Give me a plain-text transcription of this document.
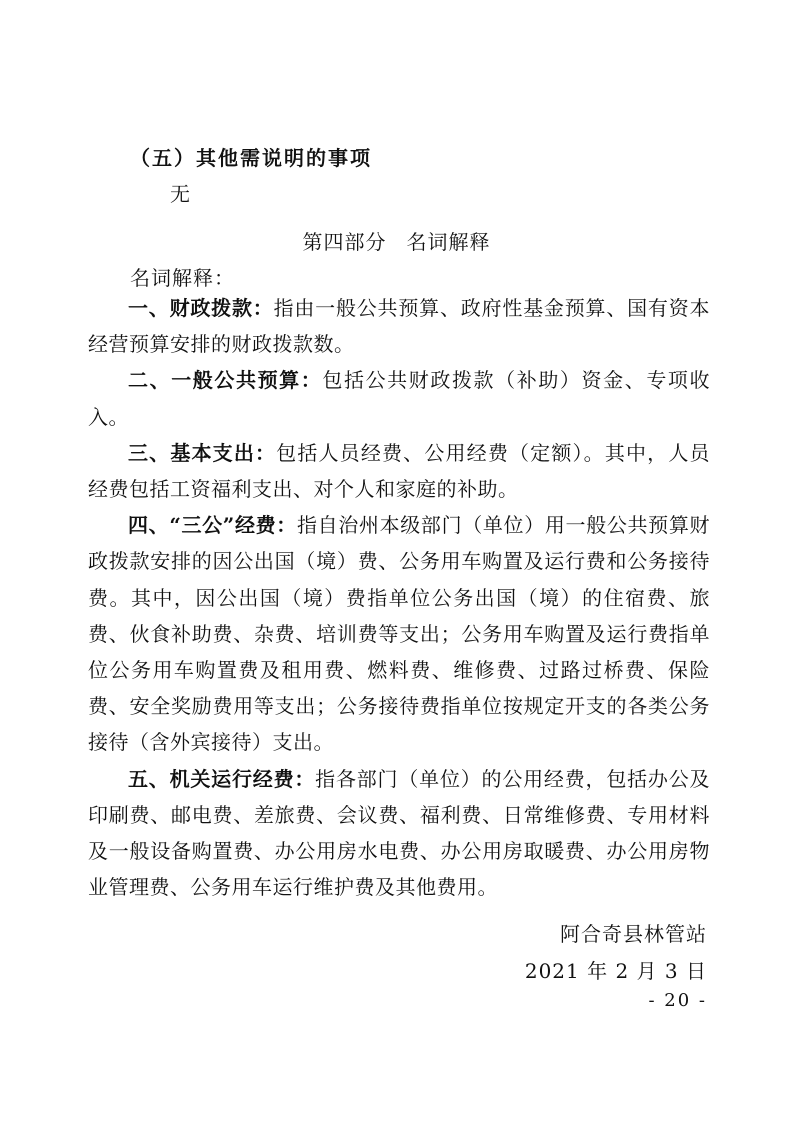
（五）其他需说明的事项
无
第四部分 名词解释
名词解释：

一、财政拨款：指由一般公共预算、政府性基金预算、国有资本经营预算安排的财政拨款数。

二、一般公共预算：包括公共财政拨款（补助）资金、专项收入。

三、基本支出：包括人员经费、公用经费（定额）。其中，人员经费包括工资福利支出、对个人和家庭的补助。

四、“三公”经费：指自治州本级部门（单位）用一般公共预算财政拨款安排的因公出国（境）费、公务用车购置及运行费和公务接待费。其中，因公出国（境）费指单位公务出国（境）的住宿费、旅费、伙食补助费、杂费、培训费等支出；公务用车购置及运行费指单位公务用车购置费及租用费、燃料费、维修费、过路过桥费、保险费、安全奖励费用等支出；公务接待费指单位按规定开支的各类公务接待（含外宾接待）支出。

五、机关运行经费：指各部门（单位）的公用经费，包括办公及印刷费、邮电费、差旅费、会议费、福利费、日常维修费、专用材料及一般设备购置费、办公用房水电费、办公用房取暖费、办公用房物业管理费、公务用车运行维护费及其他费用。

阿合奇县林管站
2021 年 2 月 3 日
- 20 -
